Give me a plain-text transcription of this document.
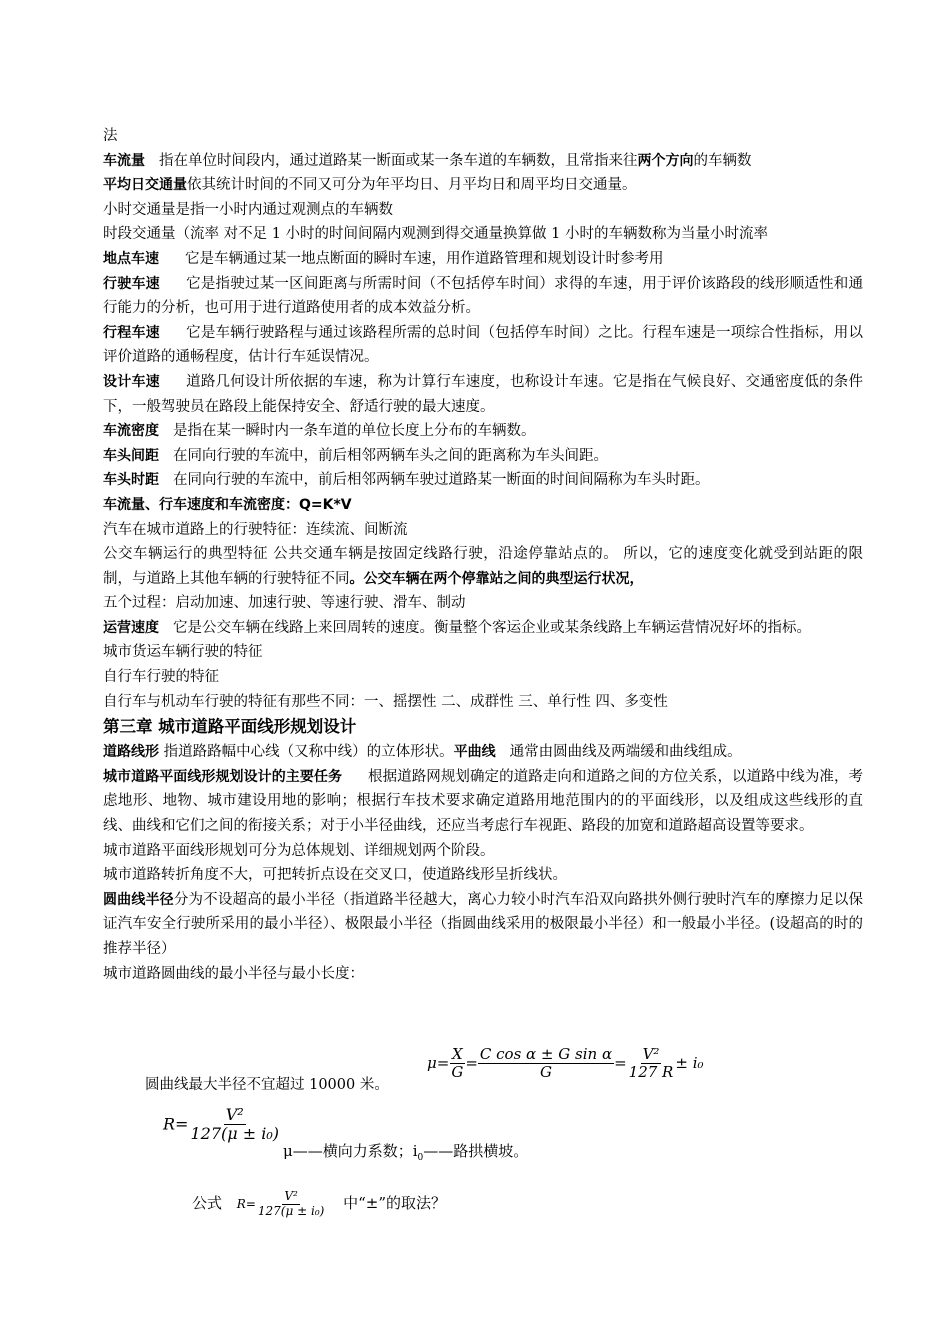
法

车流量 指在单位时间段内，通过道路某一断面或某一条车道的车辆数，且常指来往两个方向的车辆数

平均日交通量依其统计时间的不同又可分为年平均日、月平均日和周平均日交通量。

小时交通量是指一小时内通过观测点的车辆数

时段交通量（流率 对不足 1 小时的时间间隔内观测到得交通量换算做 1 小时的车辆数称为当量小时流率

地点车速 它是车辆通过某一地点断面的瞬时车速，用作道路管理和规划设计时参考用

行驶车速 它是指驶过某一区间距离与所需时间（不包括停车时间）求得的车速，用于评价该路段的线形顺适性和通行能力的分析，也可用于进行道路使用者的成本效益分析。

行程车速 它是车辆行驶路程与通过该路程所需的总时间（包括停车时间）之比。行程车速是一项综合性指标，用以评价道路的通畅程度，估计行车延误情况。

设计车速 道路几何设计所依据的车速，称为计算行车速度，也称设计车速。它是指在气候良好、交通密度低的条件下，一般驾驶员在路段上能保持安全、舒适行驶的最大速度。

车流密度 是指在某一瞬时内一条车道的单位长度上分布的车辆数。

车头间距 在同向行驶的车流中，前后相邻两辆车头之间的距离称为车头间距。

车头时距 在同向行驶的车流中，前后相邻两辆车驶过道路某一断面的时间间隔称为车头时距。

车流量、行车速度和车流密度：Q=K*V

汽车在城市道路上的行驶特征：连续流、间断流

公交车辆运行的典型特征 公共交通车辆是按固定线路行驶，沿途停靠站点的。 所以，它的速度变化就受到站距的限制，与道路上其他车辆的行驶特征不同。公交车辆在两个停靠站之间的典型运行状况，

五个过程：启动加速、加速行驶、等速行驶、滑车、制动

运营速度 它是公交车辆在线路上来回周转的速度。衡量整个客运企业或某条线路上车辆运营情况好坏的指标。

城市货运车辆行驶的特征

自行车行驶的特征

自行车与机动车行驶的特征有那些不同：一、摇摆性 二、成群性 三、单行性 四、多变性

第三章 城市道路平面线形规划设计

道路线形 指道路路幅中心线（又称中线）的立体形状。平曲线 通常由圆曲线及两端缓和曲线组成。

城市道路平面线形规划设计的主要任务 根据道路网规划确定的道路走向和道路之间的方位关系，以道路中线为准，考虑地形、地物、城市建设用地的影响；根据行车技术要求确定道路用地范围内的的平面线形，以及组成这些线形的直线、曲线和它们之间的衔接关系；对于小半径曲线，还应当考虑行车视距、路段的加宽和道路超高设置等要求。

城市道路平面线形规划可分为总体规划、详细规划两个阶段。

城市道路转折角度不大，可把转折点设在交叉口，使道路线形呈折线状。

圆曲线半径分为不设超高的最小半径（指道路半径越大，离心力较小时汽车沿双向路拱外侧行驶时汽车的摩擦力足以保证汽车安全行驶所采用的最小半径）、极限最小半径（指圆曲线采用的极限最小半径）和一般最小半径。(设超高的时的推荐半径）

城市道路圆曲线的最小半径与最小长度：

$\mu= \frac{X}{G} = \frac{\text{C cos α ± G sin α}}{G} = \frac{\text{V²}}{127 R} \pm i_0$

圆曲线最大半径不宜超过 10000 米。

$R= \frac{\text{V²}}{\text{127(μ ± i₀)}}$

μ——横向力系数；$i_0——$路拱横坡。

公式 $R= \frac{\text{V²}}{\text{127(μ ± i₀)}}$ 中“±”的取法？
